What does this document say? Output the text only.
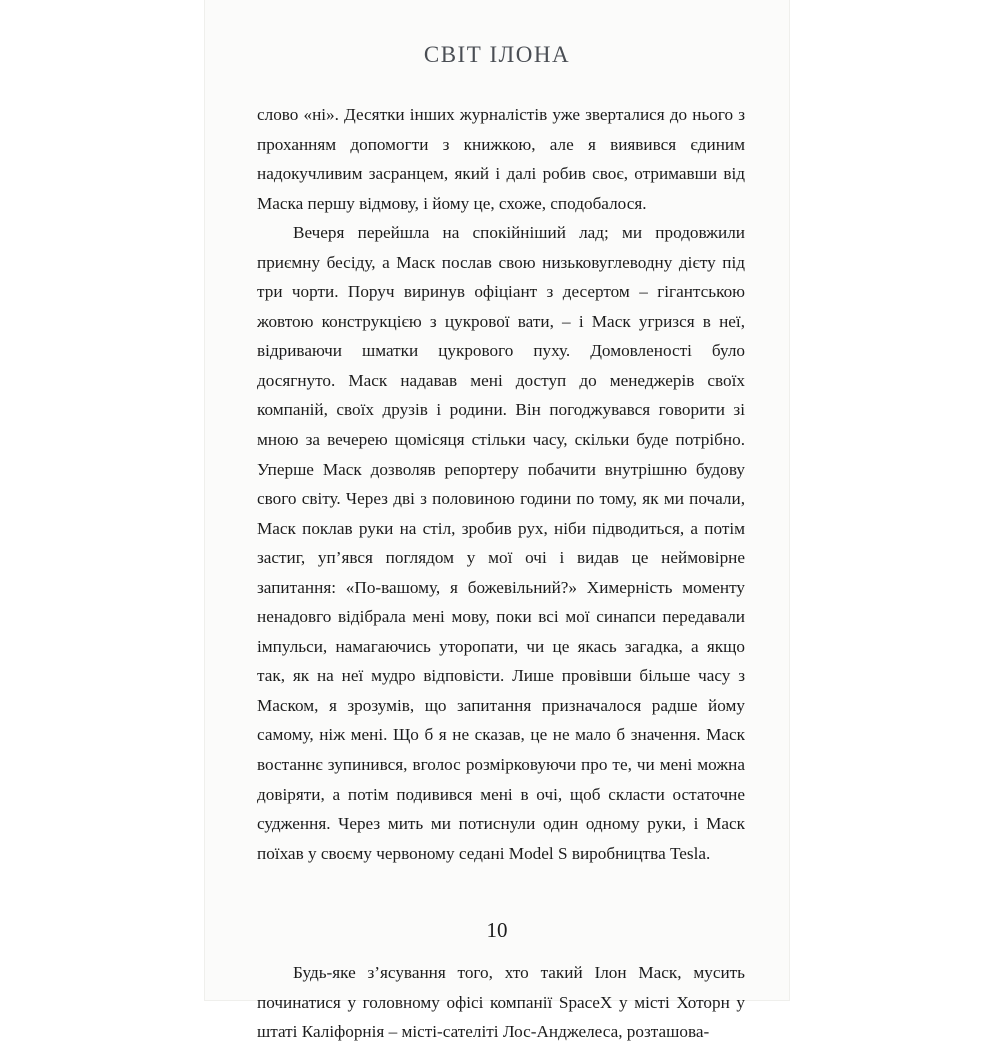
СВІТ ІЛОНА

слово «ні». Десятки інших журналістів уже зверталися до нього з проханням допомогти з книжкою, але я виявився єдиним надокучливим засранцем, який і далі робив своє, отримавши від Маска першу відмову, і йому це, схоже, сподобалося.

Вечеря перейшла на спокійніший лад; ми продовжили приємну бесіду, а Маск послав свою низьковуглеводну дієту під три чорти. Поруч виринув офіціант з десертом – гігантською жовтою конструкцією з цукрової вати, – і Маск угризся в неї, відриваючи шматки цукрового пуху. Домовленості було досягнуто. Маск надавав мені доступ до менеджерів своїх компаній, своїх друзів і родини. Він погоджувався говорити зі мною за вечерею щомісяця стільки часу, скільки буде потрібно. Уперше Маск дозволяв репортеру побачити внутрішню будову свого світу. Через дві з половиною години по тому, як ми почали, Маск поклав руки на стіл, зробив рух, ніби підводиться, а потім застиг, уп’явся поглядом у мої очі і видав це неймовірне запитання: «По-вашому, я божевільний?» Химерність моменту ненадовго відібрала мені мову, поки всі мої синапси передавали імпульси, намагаючись уторопати, чи це якась загадка, а якщо так, як на неї мудро відповісти. Лише провівши більше часу з Маском, я зрозумів, що запитання призначалося радше йому самому, ніж мені. Що б я не сказав, це не мало б значення. Маск востаннє зупинився, вголос розмірковуючи про те, чи мені можна довіряти, а потім подивився мені в очі, щоб скласти остаточне судження. Через мить ми потиснули один одному руки, і Маск поїхав у своєму червоному седані Model S виробництва Tesla.

Будь-яке з’ясування того, хто такий Ілон Маск, мусить починатися у головному офісі компанії SpaceX у місті Хоторн у штаті Каліфорнія – місті-сателіті Лос-Анджелеса, розташова-

10
